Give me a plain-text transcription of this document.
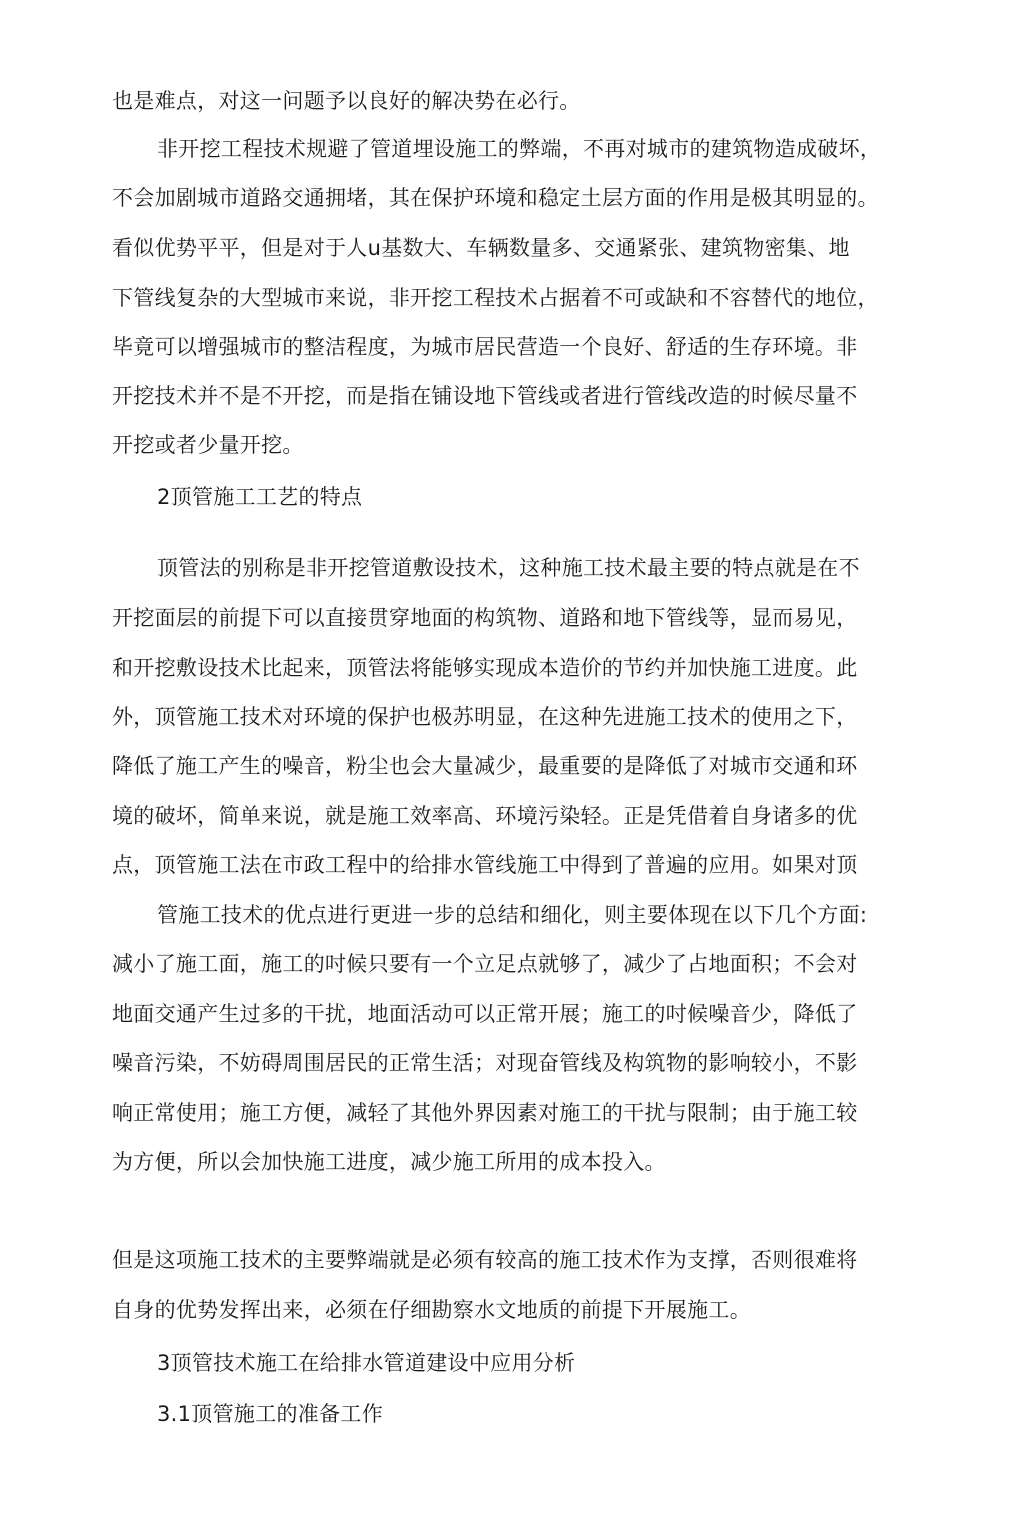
也是难点，对这一问题予以良好的解决势在必行。
非开挖工程技术规避了管道埋设施工的弊端，不再对城市的建筑物造成破坏，
不会加剧城市道路交通拥堵，其在保护环境和稳定土层方面的作用是极其明显的。
看似优势平平，但是对于人u基数大、车辆数量多、交通紧张、建筑物密集、地
下管线复杂的大型城市来说，非开挖工程技术占据着不可或缺和不容替代的地位，
毕竟可以增强城市的整洁程度，为城市居民营造一个良好、舒适的生存环境。非
开挖技术并不是不开挖，而是指在铺设地下管线或者进行管线改造的时候尽量不
开挖或者少量开挖。
2顶管施工工艺的特点
顶管法的别称是非开挖管道敷设技术，这种施工技术最主要的特点就是在不
开挖面层的前提下可以直接贯穿地面的构筑物、道路和地下管线等，显而易见，
和开挖敷设技术比起来，顶管法将能够实现成本造价的节约并加快施工进度。此
外，顶管施工技术对环境的保护也极苏明显，在这种先进施工技术的使用之下，
降低了施工产生的噪音，粉尘也会大量减少，最重要的是降低了对城市交通和环
境的破坏，简单来说，就是施工效率高、环境污染轻。正是凭借着自身诸多的优
点，顶管施工法在市政工程中的给排水管线施工中得到了普遍的应用。如果对顶
管施工技术的优点进行更进一步的总结和细化，则主要体现在以下几个方面:
减小了施工面，施工的吋候只要有一个立足点就够了，减少了占地面积；不会对
地面交通产生过多的干扰，地面活动可以正常开展；施工的吋候噪音少，降低了
噪音污染，不妨碍周围居民的正常生活；对现奋管线及构筑物的影响较小，不影
响正常使用；施工方便，减轻了其他外界因素对施工的干扰与限制；由于施工较
为方便，所以会加快施工进度，减少施工所用的成本投入。
但是这项施工技术的主要弊端就是必须有较高的施工技术作为支撑，否则很难将
自身的优势发挥出来，必须在仔细勘察水文地质的前提下开展施工。
3顶管技术施工在给排水管道建设中应用分析
3.1顶管施工的准备工作
